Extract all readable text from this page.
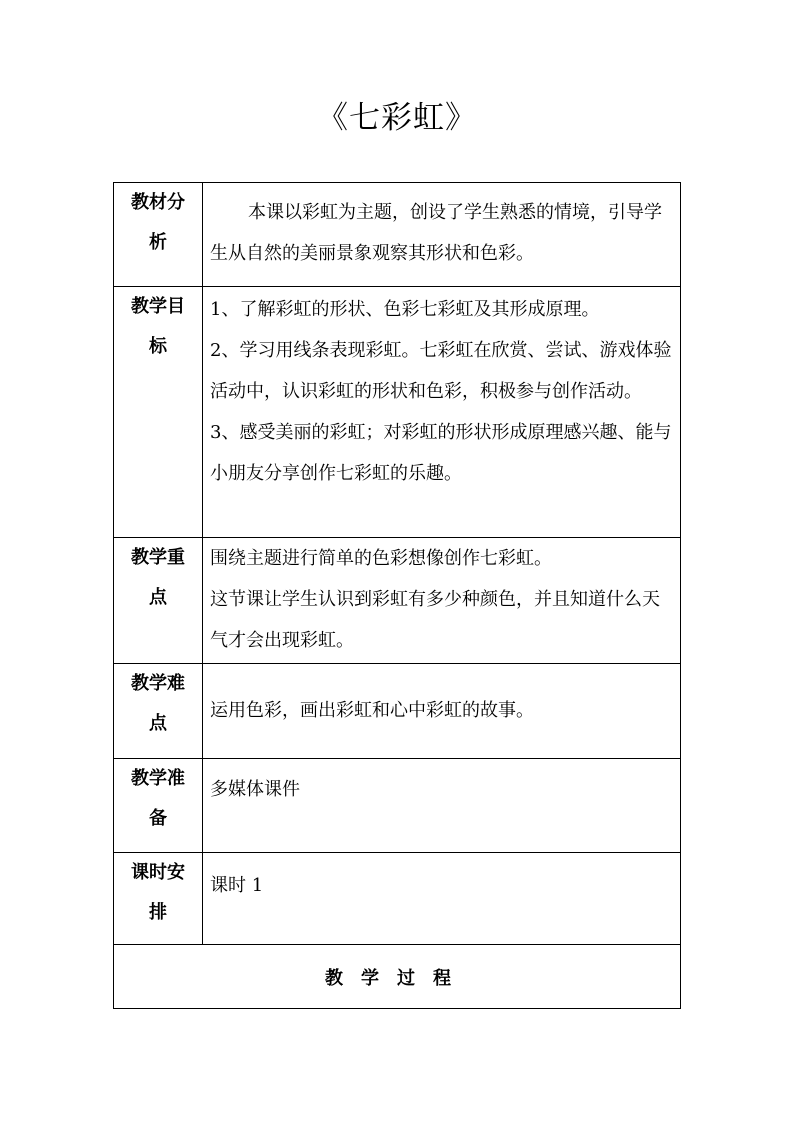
《七彩虹》
教材分析	本课以彩虹为主题，创设了学生熟悉的情境，引导学生从自然的美丽景象观察其形状和色彩。

教学目标	1、了解彩虹的形状、色彩七彩虹及其形成原理。
2、学习用线条表现彩虹。七彩虹在欣赏、尝试、游戏体验活动中，认识彩虹的形状和色彩，积极参与创作活动。
3、感受美丽的彩虹；对彩虹的形状形成原理感兴趣、能与小朋友分享创作七彩虹的乐趣。

教学重点	围绕主题进行简单的色彩想像创作七彩虹。
这节课让学生认识到彩虹有多少种颜色，并且知道什么天气才会出现彩虹。

教学难点	运用色彩，画出彩虹和心中彩虹的故事。

教学准备	多媒体课件

课时安排	课时 1

教学过程	
